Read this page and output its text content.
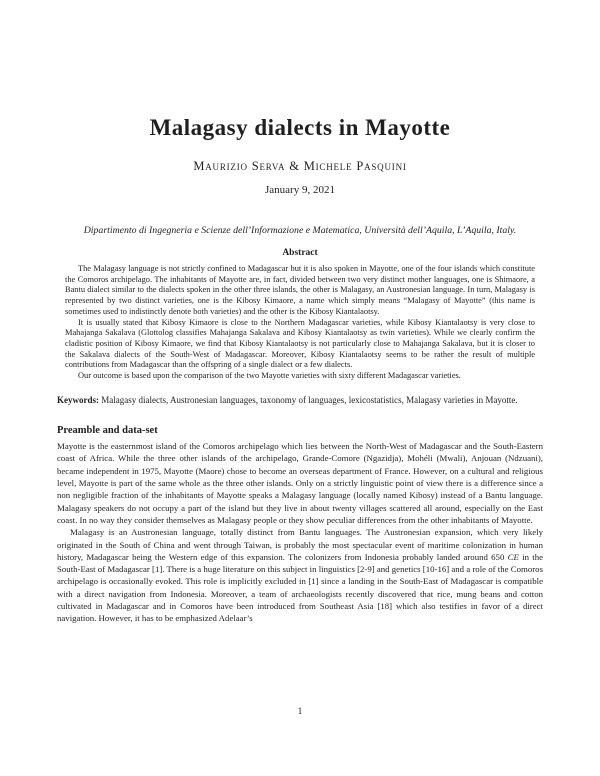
Malagasy dialects in Mayotte
Maurizio Serva & Michele Pasquini
January 9, 2021
Dipartimento di Ingegneria e Scienze dell’Informazione e Matematica, Università dell’Aquila, L’Aquila, Italy.
Abstract

The Malagasy language is not strictly confined to Madagascar but it is also spoken in Mayotte, one of the four islands which constitute the Comoros archipelago. The inhabitants of Mayotte are, in fact, divided between two very distinct mother languages, one is Shimaore, a Bantu dialect similar to the dialects spoken in the other three islands, the other is Malagasy, an Austronesian language. In turn, Malagasy is represented by two distinct varieties, one is the Kibosy Kimaore, a name which simply means “Malagasy of Mayotte” (this name is sometimes used to indistinctly denote both varieties) and the other is the Kibosy Kiantalaotsy.

It is usually stated that Kibosy Kimaore is close to the Northern Madagascar varieties, while Kibosy Kiantalaotsy is very close to Mahajanga Sakalava (Glottolog classifies Mahajanga Sakalava and Kibosy Kiantalaotsy as twin varieties). While we clearly confirm the cladistic position of Kibosy Kimaore, we find that Kibosy Kiantalaotsy is not particularly close to Mahajanga Sakalava, but it is closer to the Sakalava dialects of the South-West of Madagascar. Moreover, Kibosy Kiantalaotsy seems to be rather the result of multiple contributions from Madagascar than the offspring of a single dialect or a few dialects.

Our outcome is based upon the comparison of the two Mayotte varieties with sixty different Madagascar varieties.

Keywords: Malagasy dialects, Austronesian languages, taxonomy of languages, lexicostatistics, Malagasy varieties in Mayotte.

Preamble and data-set

Mayotte is the easternmost island of the Comoros archipelago which lies between the North-West of Madagascar and the South-Eastern coast of Africa. While the three other islands of the archipelago, Grande-Comore (Ngazidja), Mohéli (Mwali), Anjouan (Ndzuani), became independent in 1975, Mayotte (Maore) chose to become an overseas department of France. However, on a cultural and religious level, Mayotte is part of the same whole as the three other islands. Only on a strictly linguistic point of view there is a difference since a non negligible fraction of the inhabitants of Mayotte speaks a Malagasy language (locally named Kibosy) instead of a Bantu language. Malagasy speakers do not occupy a part of the island but they live in about twenty villages scattered all around, especially on the East coast. In no way they consider themselves as Malagasy people or they show peculiar differences from the other inhabitants of Mayotte.

Malagasy is an Austronesian language, totally distinct from Bantu languages. The Austronesian expansion, which very likely originated in the South of China and went through Taiwan, is probably the most spectacular event of maritime colonization in human history, Madagascar being the Western edge of this expansion. The colonizers from Indonesia probably landed around 650 CE in the South-East of Madagascar [1]. There is a huge literature on this subject in linguistics [2-9] and genetics [10-16] and a role of the Comoros archipelago is occasionally evoked. This role is implicitly excluded in [1] since a landing in the South-East of Madagascar is compatible with a direct navigation from Indonesia. Moreover, a team of archaeologists recently discovered that rice, mung beans and cotton cultivated in Madagascar and in Comoros have been introduced from Southeast Asia [18] which also testifies in favor of a direct navigation. However, it has to be emphasized Adelaar’s

1
